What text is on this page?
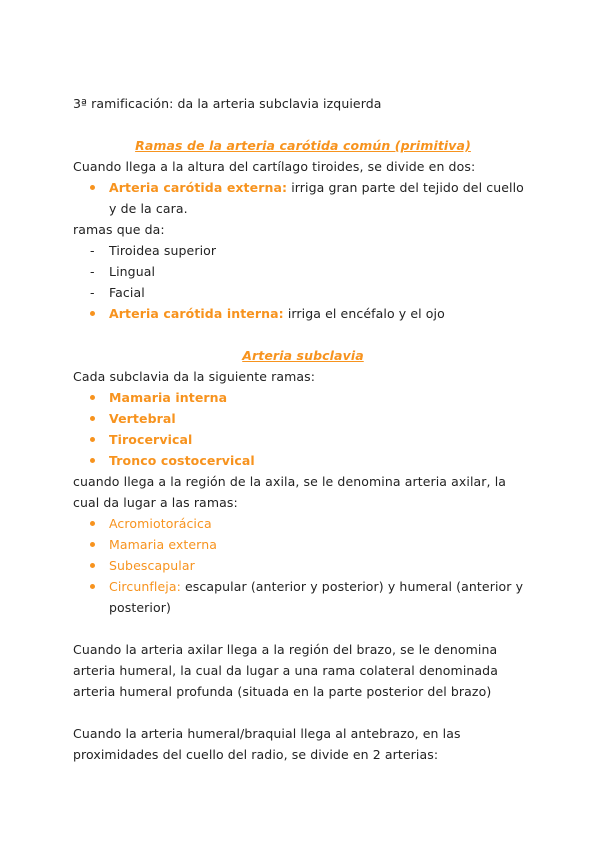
3ª ramificación: da la arteria subclavia izquierda
Ramas de la arteria carótida común (primitiva)
Cuando llega a la altura del cartílago tiroides, se divide en dos:
Arteria carótida externa: irriga gran parte del tejido del cuello y de la cara.
ramas que da:
- Tiroidea superior
- Lingual
- Facial
Arteria carótida interna: irriga el encéfalo y el ojo
Arteria subclavia
Cada subclavia da la siguiente ramas:
Mamaria interna
Vertebral
Tirocervical
Tronco costocervical
cuando llega a la región de la axila, se le denomina arteria axilar, la cual da lugar a las ramas:
Acromiotorácica
Mamaria externa
Subescapular
Circunfleja: escapular (anterior y posterior) y humeral (anterior y posterior)
Cuando la arteria axilar llega a la región del brazo, se le denomina arteria humeral, la cual da lugar a una rama colateral denominada arteria humeral profunda (situada en la parte posterior del brazo)
Cuando la arteria humeral/braquial llega al antebrazo, en las proximidades del cuello del radio, se divide en 2 arterias:
